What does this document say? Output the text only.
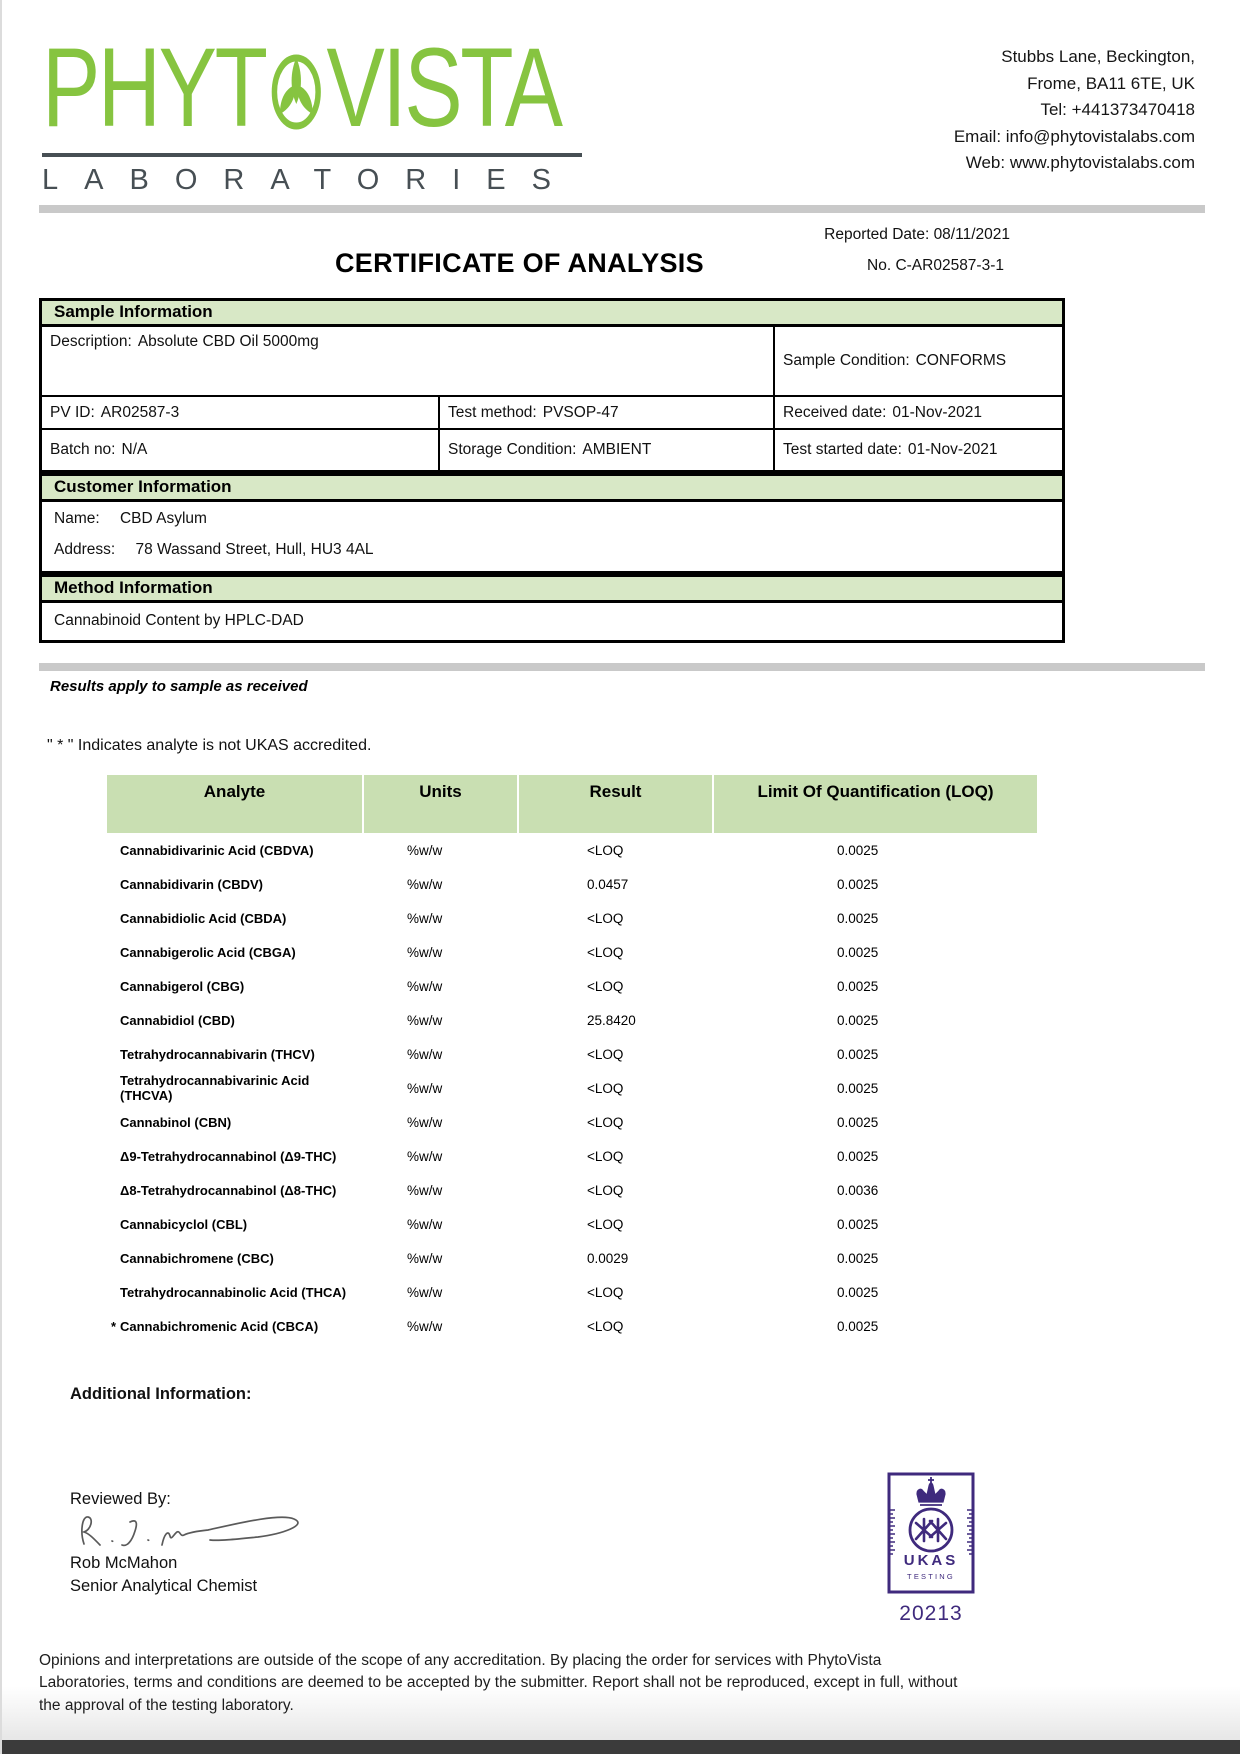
PHYT VISTA
LABORATORIES
Stubbs Lane, Beckington,
Frome, BA11 6TE, UK
Tel: +441373470418
Email: info@phytovistalabs.com
Web: www.phytovistalabs.com
CERTIFICATE OF ANALYSIS
Reported Date: 08/11/2021
No. C-AR02587-3-1
Sample Information
Description: Absolute CBD Oil 5000mg
Sample Condition: CONFORMS
PV ID: AR02587-3	Test method: PVSOP-47	Received date: 01-Nov-2021
Batch no: N/A	Storage Condition: AMBIENT	Test started date: 01-Nov-2021
Customer Information
Name: CBD Asylum
Address: 78 Wassand Street, Hull, HU3 4AL
Method Information
Cannabinoid Content by HPLC-DAD
Results apply to sample as received
" * " Indicates analyte is not UKAS accredited.
Analyte	Units	Result	Limit Of Quantification (LOQ)
Cannabidivarinic Acid (CBDVA)	%w/w	<LOQ	0.0025
Cannabidivarin (CBDV)	%w/w	0.0457	0.0025
Cannabidiolic Acid (CBDA)	%w/w	<LOQ	0.0025
Cannabigerolic Acid (CBGA)	%w/w	<LOQ	0.0025
Cannabigerol (CBG)	%w/w	<LOQ	0.0025
Cannabidiol (CBD)	%w/w	25.8420	0.0025
Tetrahydrocannabivarin (THCV)	%w/w	<LOQ	0.0025
Tetrahydrocannabivarinic Acid (THCVA)	%w/w	<LOQ	0.0025
Cannabinol (CBN)	%w/w	<LOQ	0.0025
Δ9-Tetrahydrocannabinol (Δ9-THC)	%w/w	<LOQ	0.0025
Δ8-Tetrahydrocannabinol (Δ8-THC)	%w/w	<LOQ	0.0036
Cannabicyclol (CBL)	%w/w	<LOQ	0.0025
Cannabichromene (CBC)	%w/w	0.0029	0.0025
Tetrahydrocannabinolic Acid (THCA)	%w/w	<LOQ	0.0025
* Cannabichromenic Acid (CBCA)	%w/w	<LOQ	0.0025
Additional Information:
Reviewed By:
Rob McMahon
Senior Analytical Chemist
UKAS
TESTING
20213
Opinions and interpretations are outside of the scope of any accreditation. By placing the order for services with PhytoVista Laboratories, terms and conditions are deemed to be accepted by the submitter. Report shall not be reproduced, except in full, without the approval of the testing laboratory.
